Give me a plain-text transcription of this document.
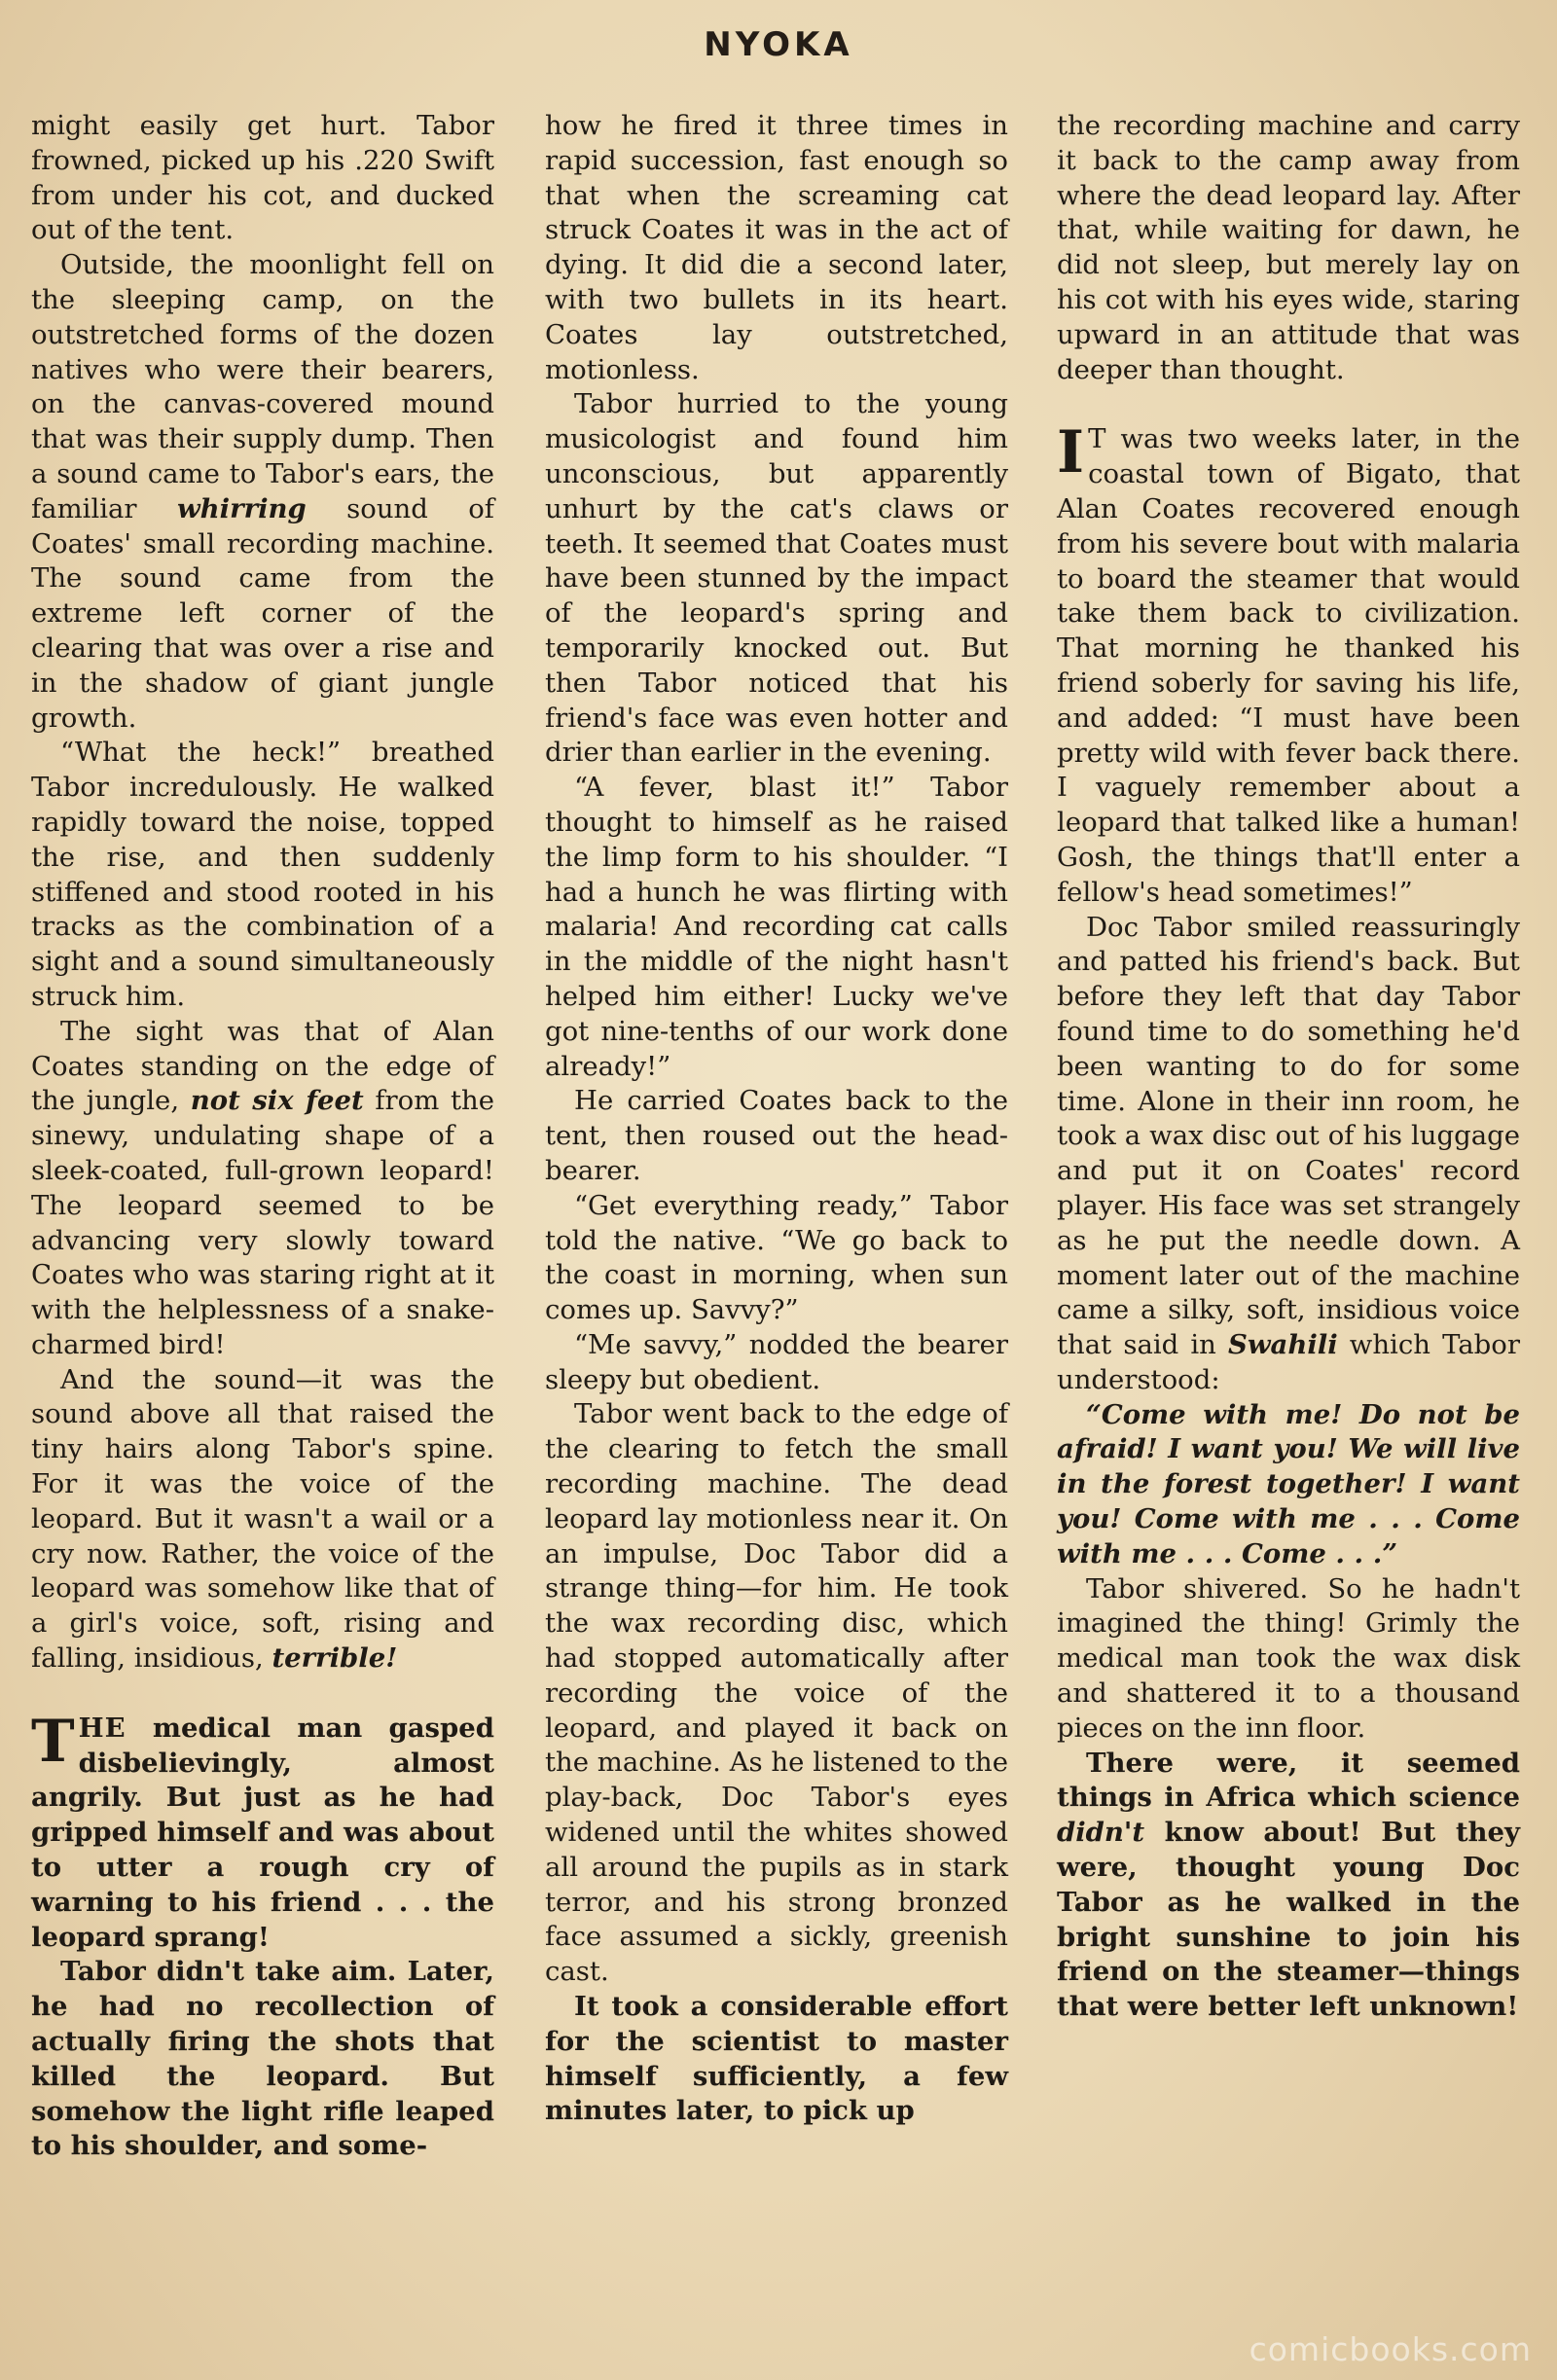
NYOKA

might easily get hurt. Tabor frowned, picked up his .220 Swift from under his cot, and ducked out of the tent.

Outside, the moonlight fell on the sleeping camp, on the outstretched forms of the dozen natives who were their bearers, on the canvas-covered mound that was their supply dump. Then a sound came to Tabor's ears, the familiar whirring sound of Coates' small recording machine. The sound came from the extreme left corner of the clearing that was over a rise and in the shadow of giant jungle growth.

“What the heck!” breathed Tabor incredulously. He walked rapidly toward the noise, topped the rise, and then suddenly stiffened and stood rooted in his tracks as the combination of a sight and a sound simultaneously struck him.

The sight was that of Alan Coates standing on the edge of the jungle, not six feet from the sinewy, undulating shape of a sleek-coated, full-grown leopard! The leopard seemed to be advancing very slowly toward Coates who was staring right at it with the helplessness of a snake-charmed bird!

And the sound—it was the sound above all that raised the tiny hairs along Tabor's spine. For it was the voice of the leopard. But it wasn't a wail or a cry now. Rather, the voice of the leopard was somehow like that of a girl's voice, soft, rising and falling, insidious, terrible!

THE medical man gasped disbelievingly, almost angrily. But just as he had gripped himself and was about to utter a rough cry of warning to his friend . . . the leopard sprang!

Tabor didn't take aim. Later, he had no recollection of actually firing the shots that killed the leopard. But somehow the light rifle leaped to his shoulder, and some-

how he fired it three times in rapid succession, fast enough so that when the screaming cat struck Coates it was in the act of dying. It did die a second later, with two bullets in its heart. Coates lay outstretched, motionless.

Tabor hurried to the young musicologist and found him unconscious, but apparently unhurt by the cat's claws or teeth. It seemed that Coates must have been stunned by the impact of the leopard's spring and temporarily knocked out. But then Tabor noticed that his friend's face was even hotter and drier than earlier in the evening.

“A fever, blast it!” Tabor thought to himself as he raised the limp form to his shoulder. “I had a hunch he was flirting with malaria! And recording cat calls in the middle of the night hasn't helped him either! Lucky we've got nine-tenths of our work done already!”

He carried Coates back to the tent, then roused out the head-bearer.

“Get everything ready,” Tabor told the native. “We go back to the coast in morning, when sun comes up. Savvy?”

“Me savvy,” nodded the bearer sleepy but obedient.

Tabor went back to the edge of the clearing to fetch the small recording machine. The dead leopard lay motionless near it. On an impulse, Doc Tabor did a strange thing—for him. He took the wax recording disc, which had stopped automatically after recording the voice of the leopard, and played it back on the machine. As he listened to the play-back, Doc Tabor's eyes widened until the whites showed all around the pupils as in stark terror, and his strong bronzed face assumed a sickly, greenish cast.

It took a considerable effort for the scientist to master himself sufficiently, a few minutes later, to pick up

the recording machine and carry it back to the camp away from where the dead leopard lay. After that, while waiting for dawn, he did not sleep, but merely lay on his cot with his eyes wide, staring upward in an attitude that was deeper than thought.

I T was two weeks later, in the coastal town of Bigato, that Alan Coates recovered enough from his severe bout with malaria to board the steamer that would take them back to civilization. That morning he thanked his friend soberly for saving his life, and added: “I must have been pretty wild with fever back there. I vaguely remember about a leopard that talked like a human! Gosh, the things that'll enter a fellow's head sometimes!”

Doc Tabor smiled reassuringly and patted his friend's back. But before they left that day Tabor found time to do something he'd been wanting to do for some time. Alone in their inn room, he took a wax disc out of his luggage and put it on Coates' record player. His face was set strangely as he put the needle down. A moment later out of the machine came a silky, soft, insidious voice that said in Swahili which Tabor understood:

“Come with me! Do not be afraid! I want you! We will live in the forest together! I want you! Come with me . . . Come with me . . . Come . . .”

Tabor shivered. So he hadn't imagined the thing! Grimly the medical man took the wax disk and shattered it to a thousand pieces on the inn floor.

There were, it seemed things in Africa which science didn't know about! But they were, thought young Doc Tabor as he walked in the bright sunshine to join his friend on the steamer—things that were better left unknown!

comicbooks.com
